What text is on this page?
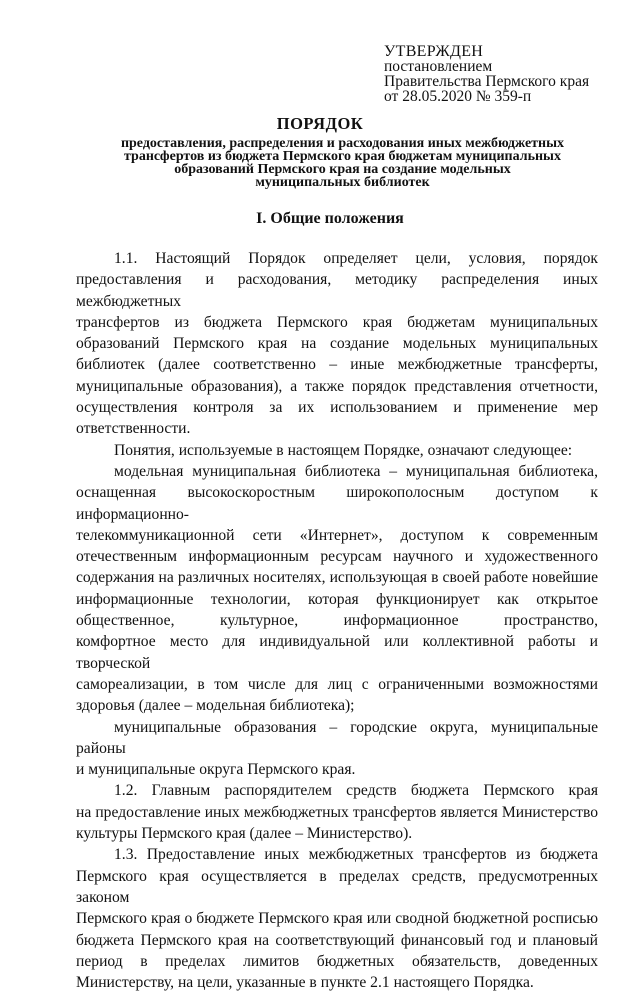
УТВЕРЖДЕН
постановлением
Правительства Пермского края
от 28.05.2020 № 359-п
ПОРЯДОК
предоставления, распределения и расходования иных межбюджетных
трансфертов из бюджета Пермского края бюджетам муниципальных
образований Пермского края на создание модельных
муниципальных библиотек
I. Общие положения

1.1. Настоящий Порядок определяет цели, условия, порядок

предоставления и расходования, методику распределения иных межбюджетных

трансфертов из бюджета Пермского края бюджетам муниципальных

образований Пермского края на создание модельных муниципальных

библиотек (далее соответственно – иные межбюджетные трансферты,

муниципальные образования), а также порядок представления отчетности,

осуществления контроля за их использованием и применение мер

ответственности.

Понятия, используемые в настоящем Порядке, означают следующее:

модельная муниципальная библиотека – муниципальная библиотека,

оснащенная высокоскоростным широкополосным доступом к информационно-

телекоммуникационной сети «Интернет», доступом к современным

отечественным информационным ресурсам научного и художественного

содержания на различных носителях, использующая в своей работе новейшие

информационные технологии, которая функционирует как открытое

общественное, культурное, информационное пространство,

комфортное место для индивидуальной или коллективной работы и творческой

самореализации, в том числе для лиц с ограниченными возможностями

здоровья (далее – модельная библиотека);

муниципальные образования – городские округа, муниципальные районы

и муниципальные округа Пермского края.

1.2. Главным распорядителем средств бюджета Пермского края

на предоставление иных межбюджетных трансфертов является Министерство

культуры Пермского края (далее – Министерство).

1.3. Предоставление иных межбюджетных трансфертов из бюджета

Пермского края осуществляется в пределах средств, предусмотренных законом

Пермского края о бюджете Пермского края или сводной бюджетной росписью

бюджета Пермского края на соответствующий финансовый год и плановый

период в пределах лимитов бюджетных обязательств, доведенных

Министерству, на цели, указанные в пункте 2.1 настоящего Порядка.
